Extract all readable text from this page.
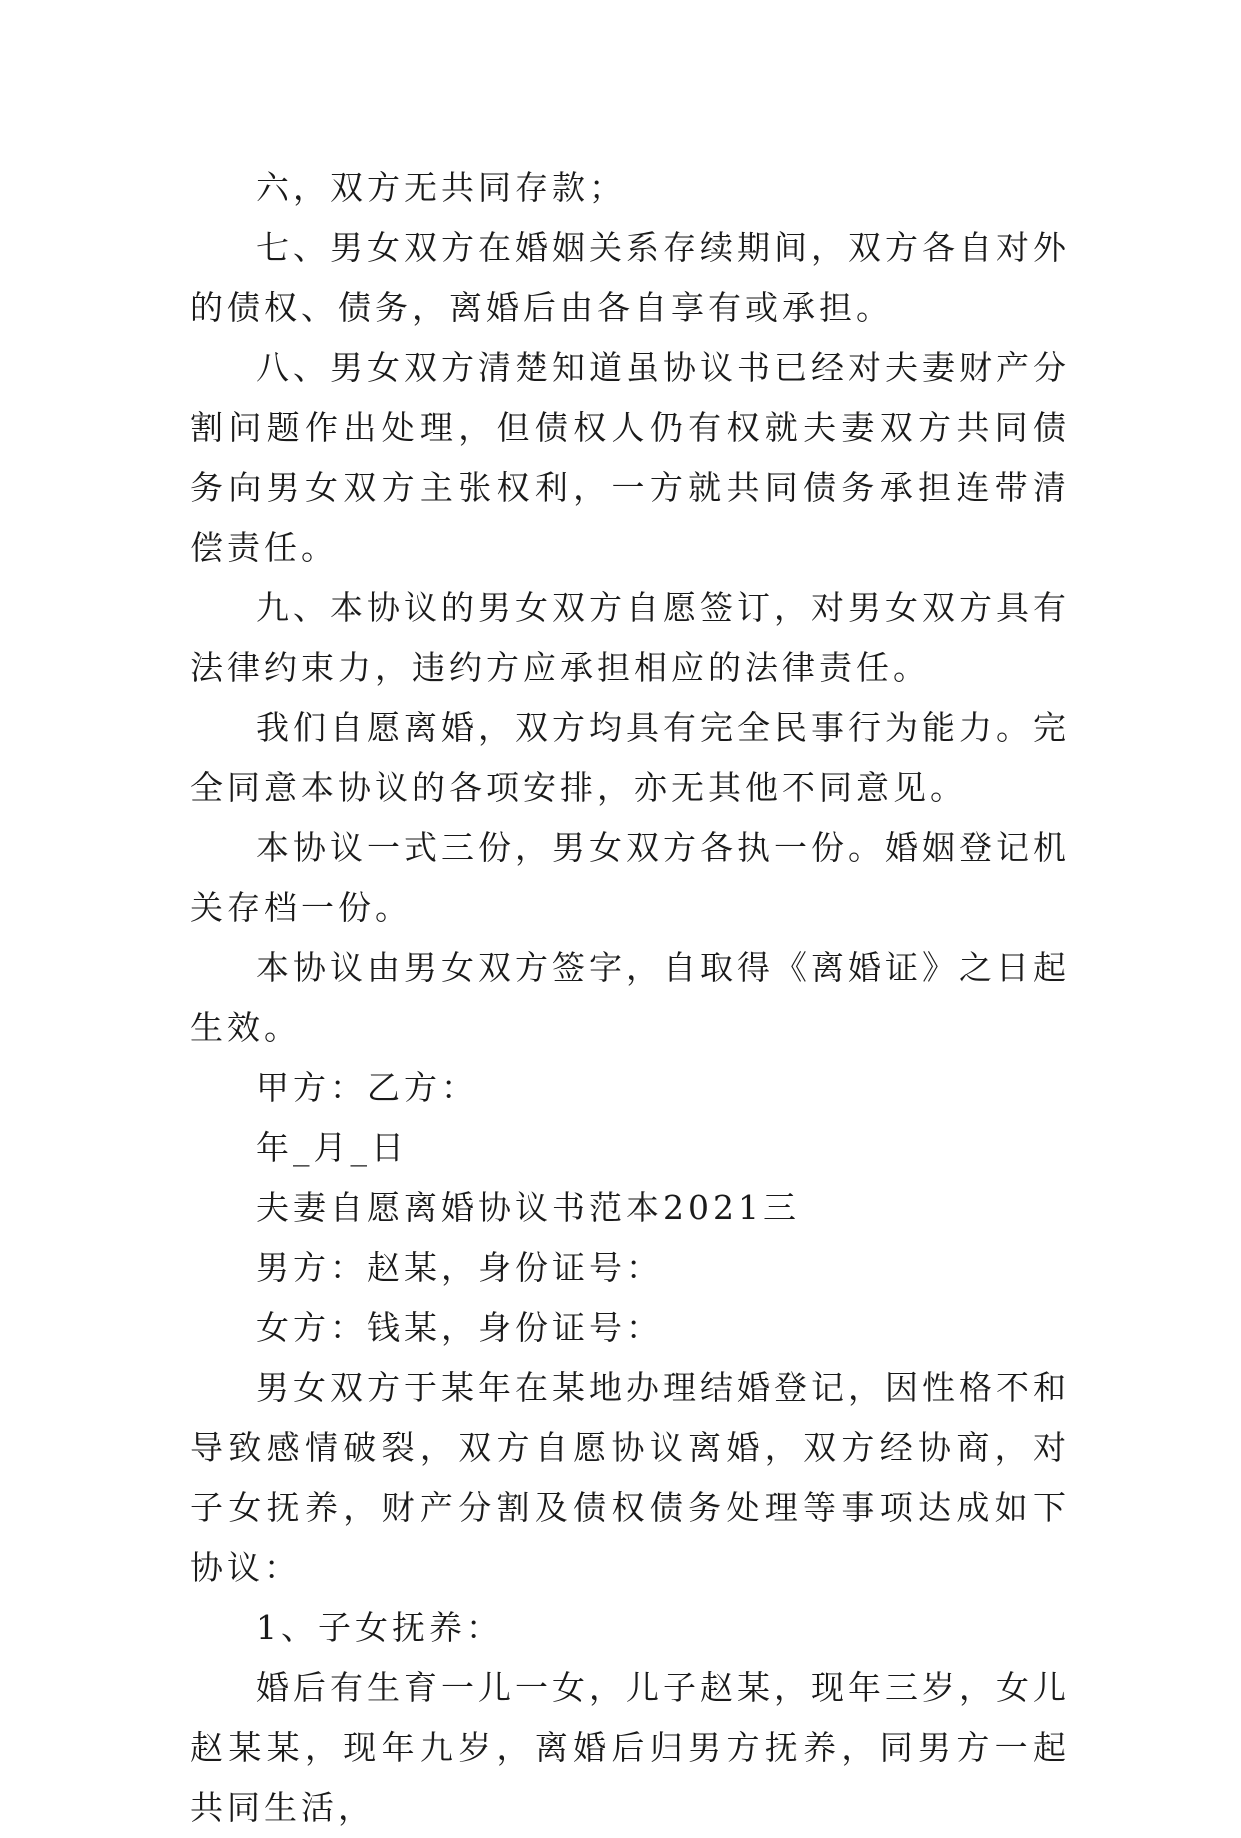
六，双方无共同存款；

七、男女双方在婚姻关系存续期间，双方各自对外的债权、债务，离婚后由各自享有或承担。

八、男女双方清楚知道虽协议书已经对夫妻财产分割问题作出处理，但债权人仍有权就夫妻双方共同债务向男女双方主张权利，一方就共同债务承担连带清偿责任。

九、本协议的男女双方自愿签订，对男女双方具有法律约束力，违约方应承担相应的法律责任。

我们自愿离婚，双方均具有完全民事行为能力。完全同意本协议的各项安排，亦无其他不同意见。

本协议一式三份，男女双方各执一份。婚姻登记机关存档一份。

本协议由男女双方签字，自取得《离婚证》之日起生效。

甲方：乙方：

年_月_日

夫妻自愿离婚协议书范本2021三

男方：赵某，身份证号：

女方：钱某，身份证号：

男女双方于某年在某地办理结婚登记，因性格不和导致感情破裂，双方自愿协议离婚，双方经协商，对子女抚养，财产分割及债权债务处理等事项达成如下协议：

1、子女抚养：

婚后有生育一儿一女，儿子赵某，现年三岁，女儿赵某某，现年九岁，离婚后归男方抚养，同男方一起共同生活，
